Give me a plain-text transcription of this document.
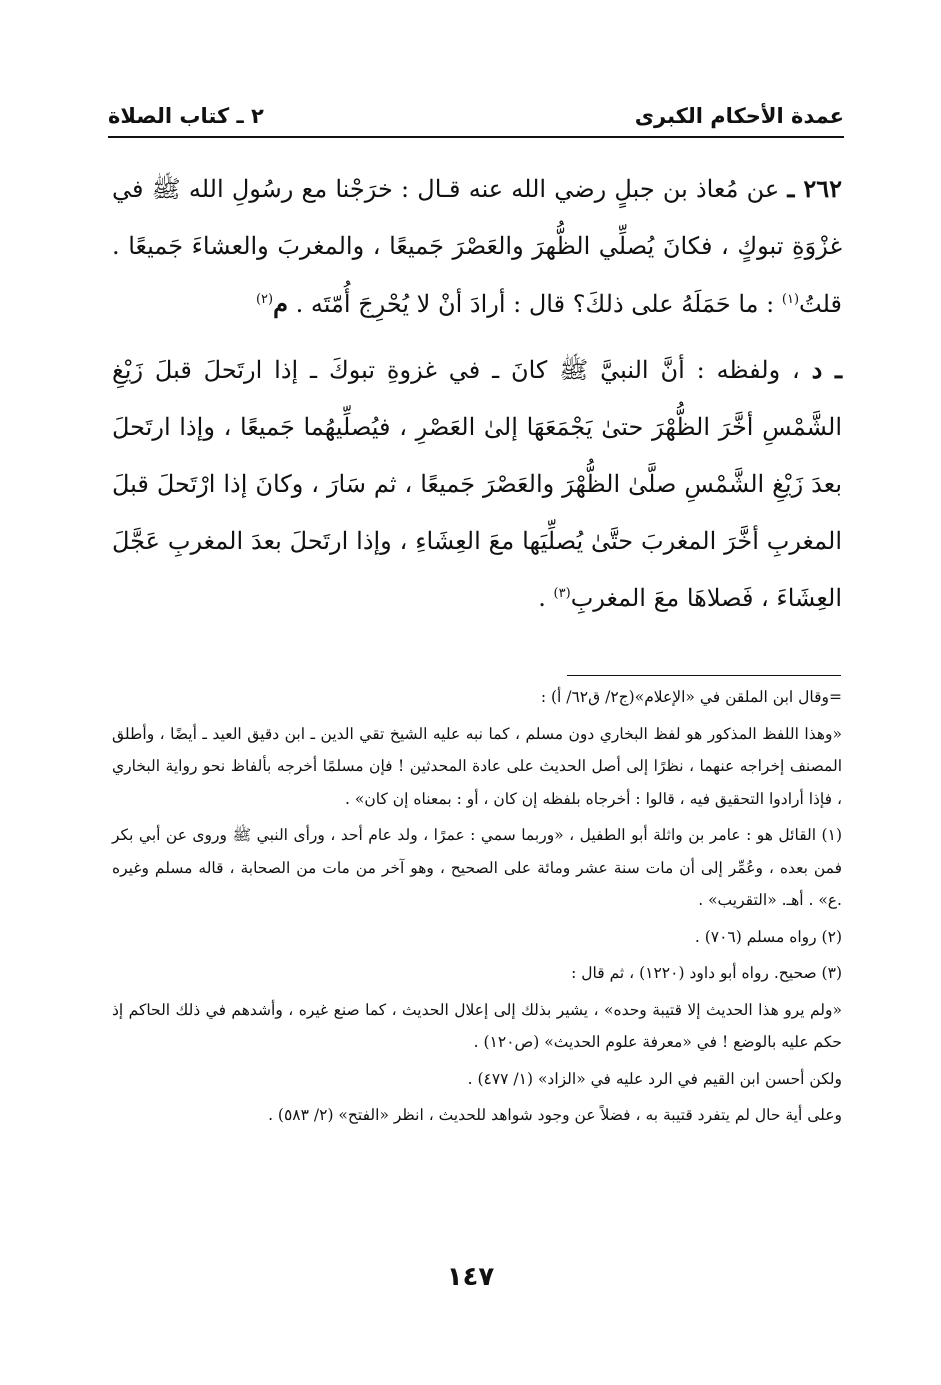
عمدة الأحكام الكبرى
٢ ـ كتاب الصلاة

٢٦٢ ـ عن مُعاذ بن جبلٍ رضي الله عنه قـال : خرَجْنا مع رسُولِ الله ﷺ في غزْوَةِ تبوكٍ ، فكانَ يُصلِّي الظُّهرَ والعَصْرَ جَميعًا ، والمغربَ والعشاءَ جَميعًا . قلتُ$^{(١)}$ : ما حَمَلَهُ على ذلكَ؟ قال : أرادَ أنْ لا يُحْرِجَ أُمّتَه . م$^{(٢)}$

ـ د ، ولفظه : أنَّ النبيَّ ﷺ كانَ ـ في غزوةِ تبوكَ ـ إذا ارتَحلَ قبلَ زَيْغِ الشَّمْسِ أخَّرَ الظُّهْرَ حتىٰ يَجْمَعَهَا إلىٰ العَصْرِ ، فيُصلِّيهُما جَميعًا ، وإذا ارتَحلَ بعدَ زَيْغِ الشَّمْسِ صلَّىٰ الظُّهْرَ والعَصْرَ جَميعًا ، ثم سَارَ ، وكانَ إذا ارْتَحلَ قبلَ المغربِ أخَّرَ المغربَ حتَّىٰ يُصلِّيَها معَ العِشَاءِ ، وإذا ارتَحلَ بعدَ المغربِ عَجَّلَ العِشَاءَ ، فَصلاهَا معَ المغربِ$^{(٣)}$ .

=وقال ابن الملقن في «الإعلام»(ج٢/ ق٦٢/ أ) :

«وهذا اللفظ المذكور هو لفظ البخاري دون مسلم ، كما نبه عليه الشيخ تقي الدين ـ ابن دقيق العيد ـ أيضًا ، وأطلق المصنف إخراجه عنهما ، نظرًا إلى أصل الحديث على عادة المحدثين ! فإن مسلمًا أخرجه بألفاظ نحو رواية البخاري ، فإذا أرادوا التحقيق فيه ، قالوا : أخرجاه بلفظه إن كان ، أو : بمعناه إن كان» .

(١) القائل هو : عامر بن واثلة أبو الطفيل ، «وربما سمي : عمرًا ، ولد عام أحد ، ورأى النبي ﷺ وروى عن أبي بكر فمن بعده ، وعُمِّر إلى أن مات سنة عشر ومائة على الصحيح ، وهو آخر من مات من الصحابة ، قاله مسلم وغيره .ع» . أهـ. «التقريب» .

(٢) رواه مسلم (٧٠٦) .

(٣) صحيح. رواه أبو داود (١٢٢٠) ، ثم قال :

«ولم يرو هذا الحديث إلا قتيبة وحده» ، يشير بذلك إلى إعلال الحديث ، كما صنع غيره ، وأشدهم في ذلك الحاكم إذ حكم عليه بالوضع ! في «معرفة علوم الحديث» (ص١٢٠) .

ولكن أحسن ابن القيم في الرد عليه في «الزاد» (١/ ٤٧٧) .

وعلى أية حال لم يتفرد قتيبة به ، فضلاً عن وجود شواهد للحديث ، انظر «الفتح» (٢/ ٥٨٣) .

١٤٧
